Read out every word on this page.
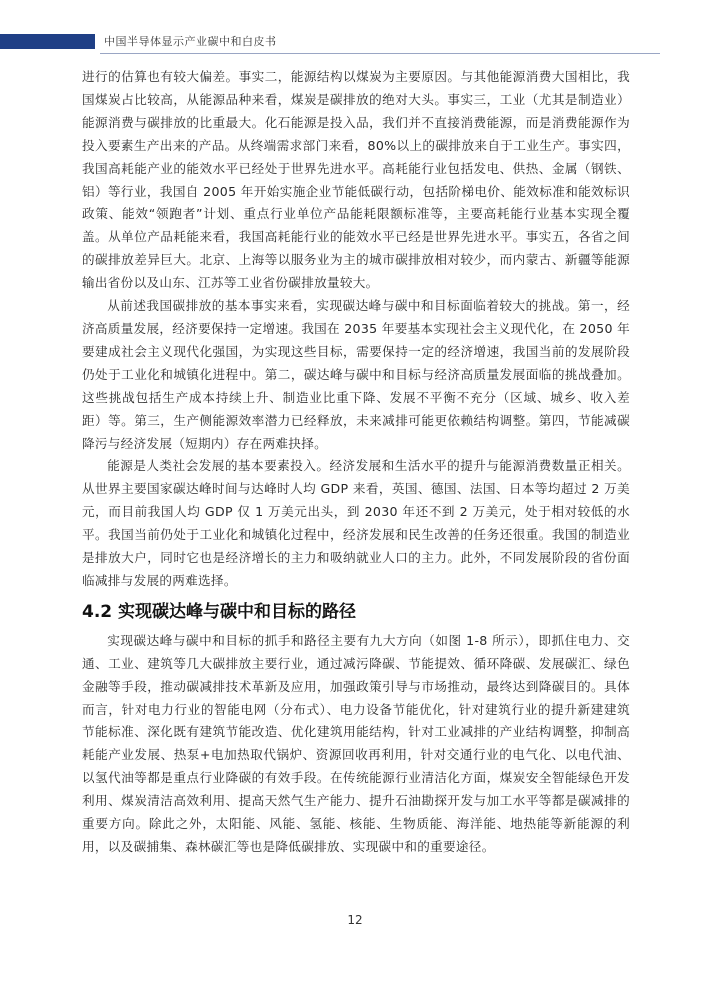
中国半导体显示产业碳中和白皮书

进行的估算也有较大偏差。事实二，能源结构以煤炭为主要原因。与其他能源消费大国相比，我国煤炭占比较高，从能源品种来看，煤炭是碳排放的绝对大头。事实三，工业（尤其是制造业）能源消费与碳排放的比重最大。化石能源是投入品，我们并不直接消费能源，而是消费能源作为投入要素生产出来的产品。从终端需求部门来看，80%以上的碳排放来自于工业生产。事实四，我国高耗能产业的能效水平已经处于世界先进水平。高耗能行业包括发电、供热、金属（钢铁、铝）等行业，我国自 2005 年开始实施企业节能低碳行动，包括阶梯电价、能效标准和能效标识政策、能效“领跑者”计划、重点行业单位产品能耗限额标准等，主要高耗能行业基本实现全覆盖。从单位产品耗能来看，我国高耗能行业的能效水平已经是世界先进水平。事实五，各省之间的碳排放差异巨大。北京、上海等以服务业为主的城市碳排放相对较少，而内蒙古、新疆等能源输出省份以及山东、江苏等工业省份碳排放量较大。

从前述我国碳排放的基本事实来看，实现碳达峰与碳中和目标面临着较大的挑战。第一，经济高质量发展，经济要保持一定增速。我国在 2035 年要基本实现社会主义现代化，在 2050 年要建成社会主义现代化强国，为实现这些目标，需要保持一定的经济增速，我国当前的发展阶段仍处于工业化和城镇化进程中。第二，碳达峰与碳中和目标与经济高质量发展面临的挑战叠加。这些挑战包括生产成本持续上升、制造业比重下降、发展不平衡不充分（区域、城乡、收入差距）等。第三，生产侧能源效率潜力已经释放，未来减排可能更依赖结构调整。第四，节能减碳降污与经济发展（短期内）存在两难抉择。

能源是人类社会发展的基本要素投入。经济发展和生活水平的提升与能源消费数量正相关。从世界主要国家碳达峰时间与达峰时人均 GDP 来看，英国、德国、法国、日本等均超过 2 万美元，而目前我国人均 GDP 仅 1 万美元出头，到 2030 年还不到 2 万美元，处于相对较低的水平。我国当前仍处于工业化和城镇化过程中，经济发展和民生改善的任务还很重。我国的制造业是排放大户，同时它也是经济增长的主力和吸纳就业人口的主力。此外，不同发展阶段的省份面临减排与发展的两难选择。

4.2 实现碳达峰与碳中和目标的路径

实现碳达峰与碳中和目标的抓手和路径主要有九大方向（如图 1-8 所示），即抓住电力、交通、工业、建筑等几大碳排放主要行业，通过减污降碳、节能提效、循环降碳、发展碳汇、绿色金融等手段，推动碳减排技术革新及应用，加强政策引导与市场推动，最终达到降碳目的。具体而言，针对电力行业的智能电网（分布式）、电力设备节能优化，针对建筑行业的提升新建建筑节能标准、深化既有建筑节能改造、优化建筑用能结构，针对工业减排的产业结构调整，抑制高耗能产业发展、热泵+电加热取代锅炉、资源回收再利用，针对交通行业的电气化、以电代油、以氢代油等都是重点行业降碳的有效手段。在传统能源行业清洁化方面，煤炭安全智能绿色开发利用、煤炭清洁高效利用、提高天然气生产能力、提升石油勘探开发与加工水平等都是碳减排的重要方向。除此之外，太阳能、风能、氢能、核能、生物质能、海洋能、地热能等新能源的利用，以及碳捕集、森林碳汇等也是降低碳排放、实现碳中和的重要途径。

12
